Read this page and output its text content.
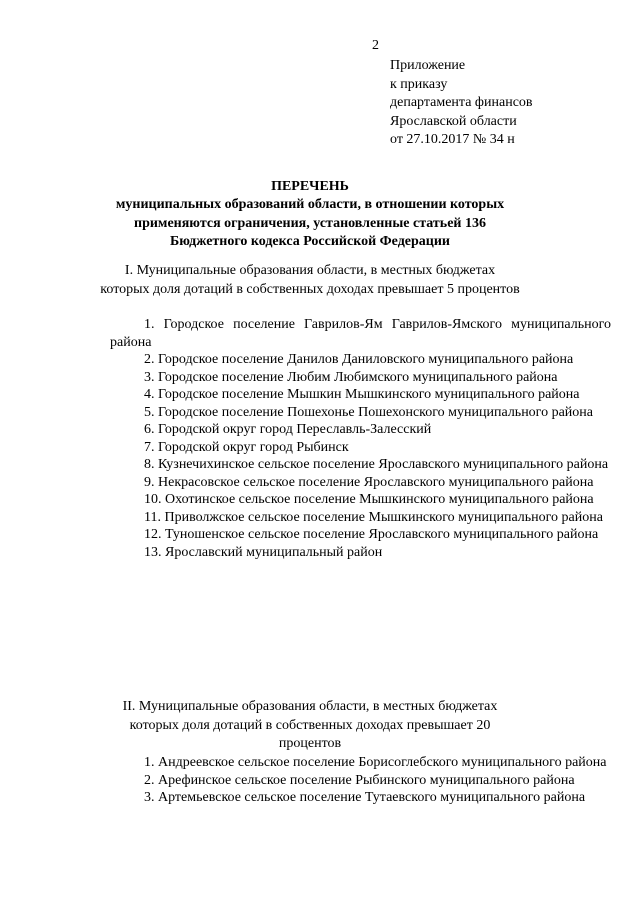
2
Приложение
к приказу
департамента финансов
Ярославской области
от 27.10.2017 № 34 н
ПЕРЕЧЕНЬ
муниципальных образований области, в отношении которых применяются ограничения, установленные статьей 136 Бюджетного кодекса Российской Федерации
I. Муниципальные образования области, в местных бюджетах которых доля дотаций в собственных доходах превышает 5 процентов
1. Городское поселение Гаврилов-Ям Гаврилов-Ямского муниципального района
2. Городское поселение Данилов Даниловского муниципального района
3. Городское поселение Любим Любимского муниципального района
4. Городское поселение Мышкин Мышкинского муниципального района
5. Городское поселение Пошехонье Пошехонского муниципального района
6. Городской округ город Переславль-Залесский
7. Городской округ город Рыбинск
8. Кузнечихинское сельское поселение Ярославского муниципального района
9. Некрасовское сельское поселение Ярославского муниципального района
10. Охотинское сельское поселение Мышкинского муниципального района
11. Приволжское сельское поселение Мышкинского муниципального района
12. Туношенское сельское поселение Ярославского муниципального района
13. Ярославский муниципальный район
II. Муниципальные образования области, в местных бюджетах которых доля дотаций в собственных доходах превышает 20 процентов
1. Андреевское сельское поселение Борисоглебского муниципального района
2. Арефинское сельское поселение Рыбинского муниципального района
3. Артемьевское сельское поселение Тутаевского муниципального района
